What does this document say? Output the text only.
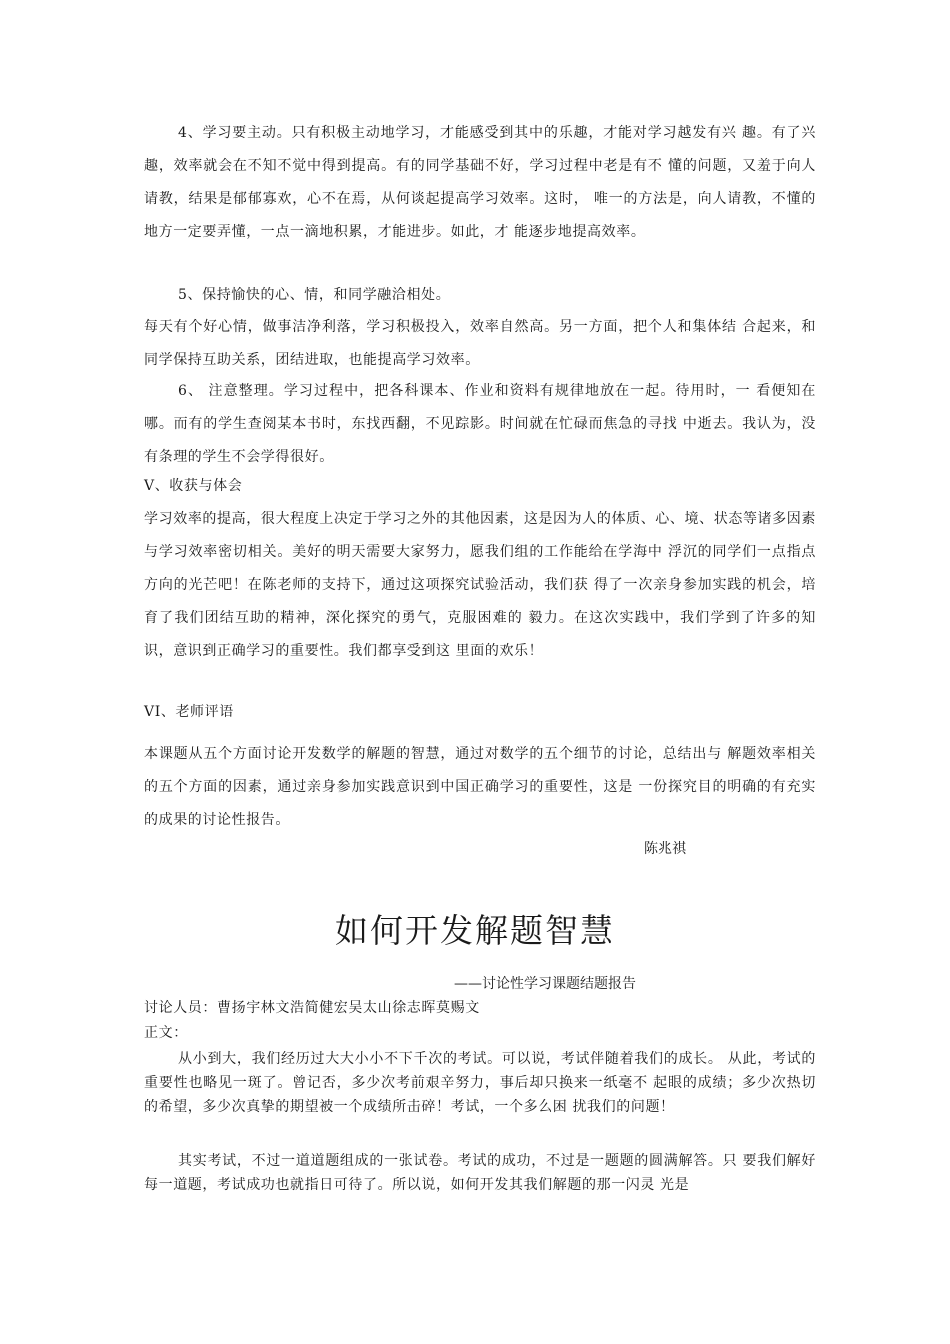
4、学习要主动。只有积极主动地学习，才能感受到其中的乐趣，才能对学习越发有兴 趣。有了兴趣，效率就会在不知不觉中得到提高。有的同学基础不好，学习过程中老是有不 懂的问题，又羞于向人请教，结果是郁郁寡欢，心不在焉，从何谈起提高学习效率。这时， 唯一的方法是，向人请教，不懂的地方一定要弄懂，一点一滴地积累，才能进步。如此，才 能逐步地提高效率。

5、保持愉快的心、情，和同学融洽相处。

每天有个好心情，做事洁净利落，学习积极投入，效率自然高。另一方面，把个人和集体结 合起来，和同学保持互助关系，团结进取，也能提高学习效率。

6、 注意整理。学习过程中，把各科课本、作业和资料有规律地放在一起。待用时，一 看便知在哪。而有的学生查阅某本书时，东找西翻，不见踪影。时间就在忙碌而焦急的寻找 中逝去。我认为，没有条理的学生不会学得很好。

V、收获与体会

学习效率的提高，很大程度上决定于学习之外的其他因素，这是因为人的体质、心、境、状态等诸多因素与学习效率密切相关。美好的明天需要大家努力，愿我们组的工作能给在学海中 浮沉的同学们一点指点方向的光芒吧！在陈老师的支持下，通过这项探究试验活动，我们获 得了一次亲身参加实践的机会，培育了我们团结互助的精神，深化探究的勇气，克服困难的 毅力。在这次实践中，我们学到了许多的知识，意识到正确学习的重要性。我们都享受到这 里面的欢乐！

VI、老师评语

本课题从五个方面讨论开发数学的解题的智慧，通过对数学的五个细节的讨论，总结出与 解题效率相关的五个方面的因素，通过亲身参加实践意识到中国正确学习的重要性，这是 一份探究目的明确的有充实的成果的讨论性报告。

陈兆祺
如何开发解题智慧
——讨论性学习课题结题报告
讨论人员：曹扬宇林文浩简健宏吴太山徐志晖莫赐文
正文：

从小到大，我们经历过大大小小不下千次的考试。可以说，考试伴随着我们的成长。 从此，考试的重要性也略见一斑了。曾记否，多少次考前艰辛努力，事后却只换来一纸毫不 起眼的成绩；多少次热切的希望，多少次真挚的期望被一个成绩所击碎！考试，一个多么困 扰我们的问题！

其实考试，不过一道道题组成的一张试卷。考试的成功，不过是一题题的圆满解答。只 要我们解好每一道题，考试成功也就指日可待了。所以说，如何开发其我们解题的那一闪灵 光是
